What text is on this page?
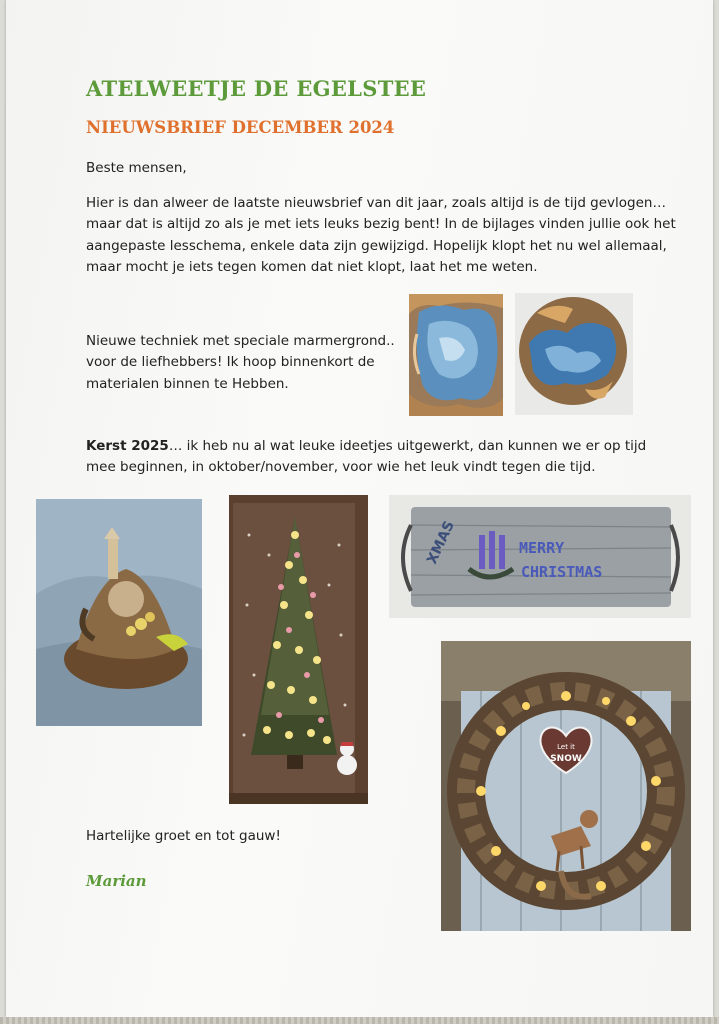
ATELWEETJE DE EGELSTEE
NIEUWSBRIEF DECEMBER 2024

Beste mensen,

Hier is dan alweer de laatste nieuwsbrief van dit jaar, zoals altijd is de tijd gevlogen… maar dat is altijd zo als je met iets leuks bezig bent! In de bijlages vinden jullie ook het aangepaste lesschema, enkele data zijn gewijzigd. Hopelijk klopt het nu wel allemaal, maar mocht je iets tegen komen dat niet klopt, laat het me weten.

Nieuwe techniek met speciale marmergrond.. voor de liefhebbers! Ik hoop binnenkort de materialen binnen te Hebben.

Kerst 2025… ik heb nu al wat leuke ideetjes uitgewerkt, dan kunnen we er op tijd mee beginnen, in oktober/november, voor wie het leuk vindt tegen die tijd.

Hartelijke groet en tot gauw!

Marian

XMAS	MERRY
CHRISTMAS
Let it
SNOW
